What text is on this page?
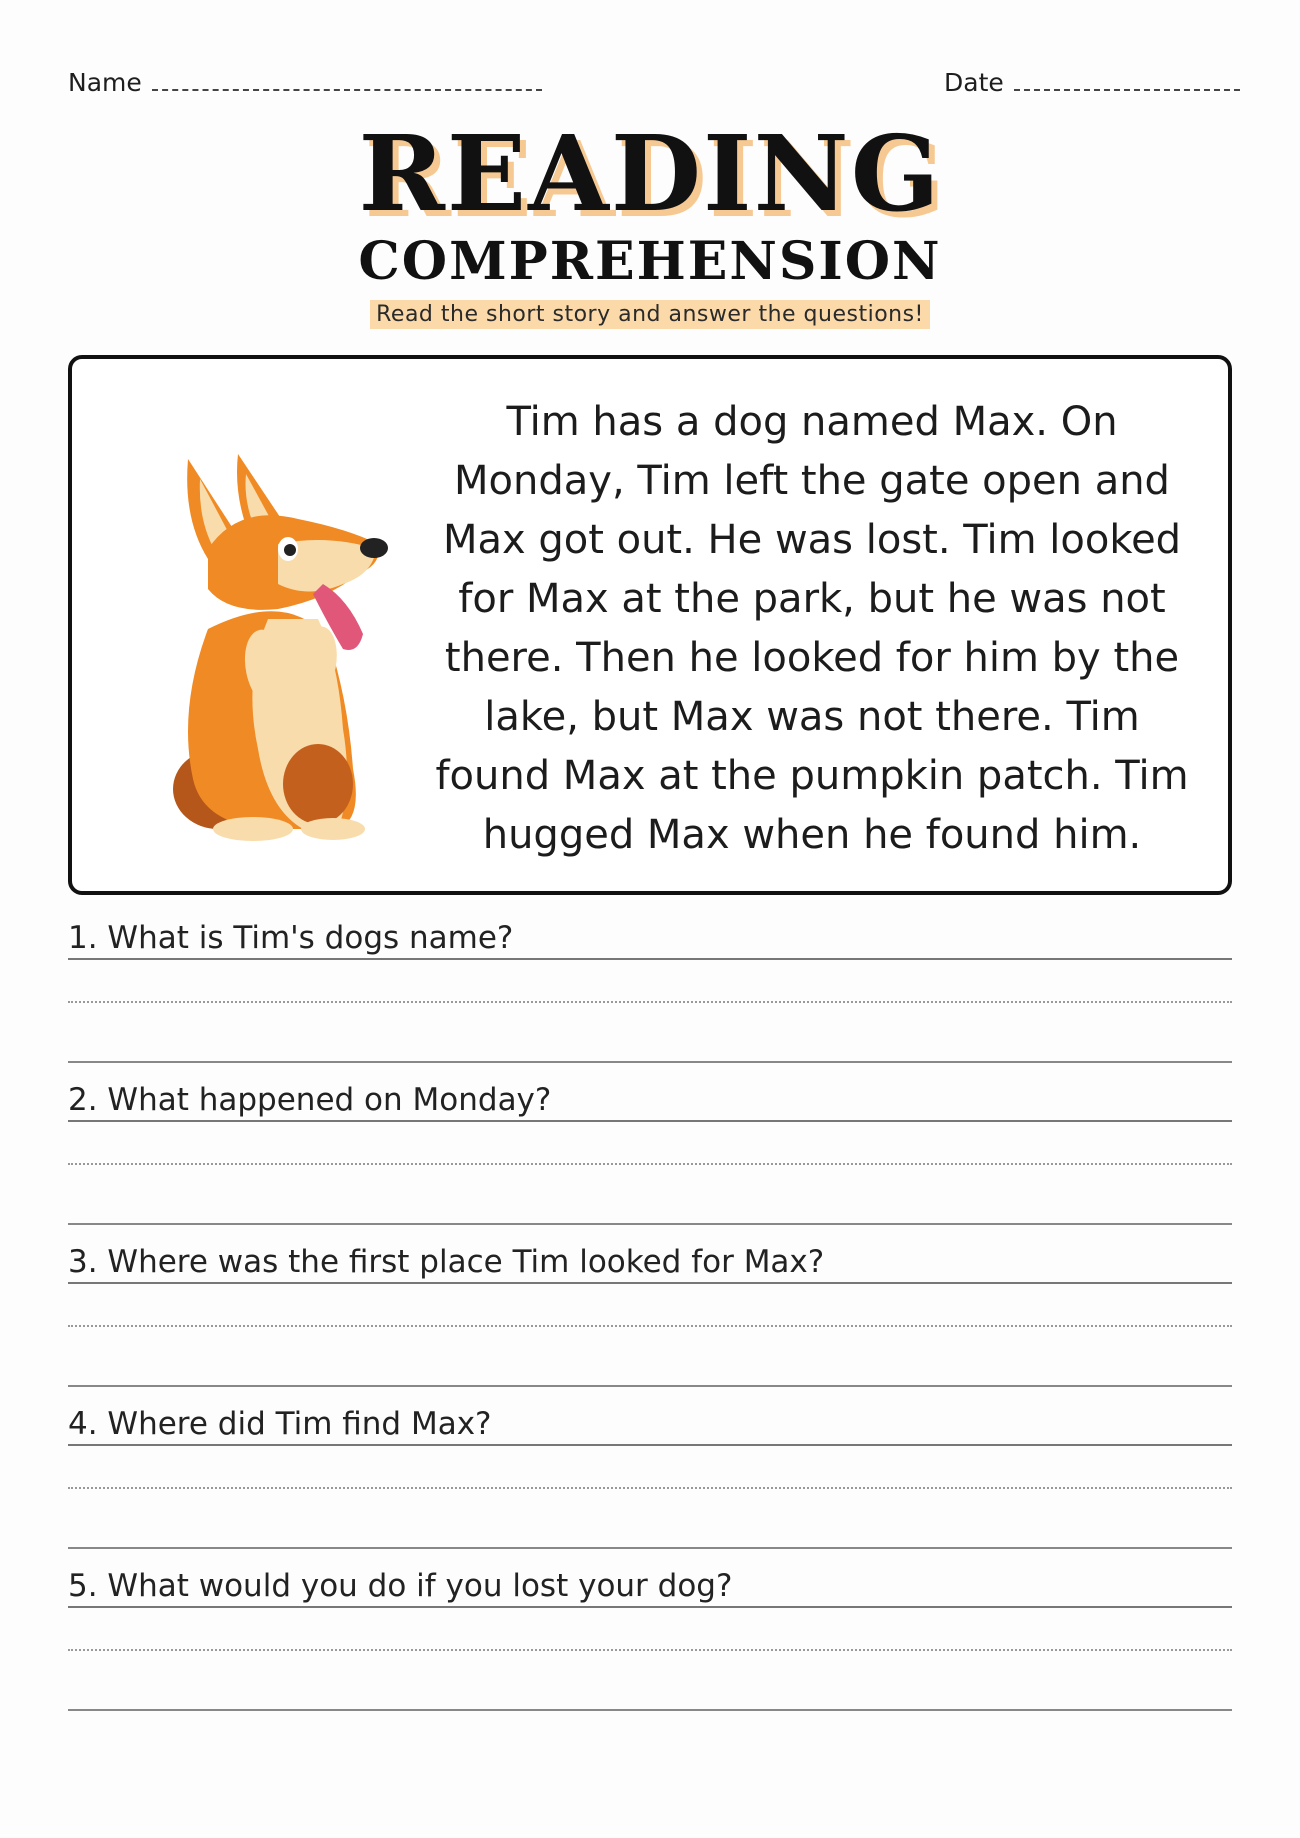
Name	Date
READING
COMPREHENSION
Read the short story and answer the questions!
Tim has a dog named Max. On Monday, Tim left the gate open and Max got out. He was lost. Tim looked for Max at the park, but he was not there. Then he looked for him by the lake, but Max was not there. Tim found Max at the pumpkin patch. Tim hugged Max when he found him.
1. What is Tim's dogs name?
2. What happened on Monday?
3. Where was the first place Tim looked for Max?
4. Where did Tim find Max?
5. What would you do if you lost your dog?
